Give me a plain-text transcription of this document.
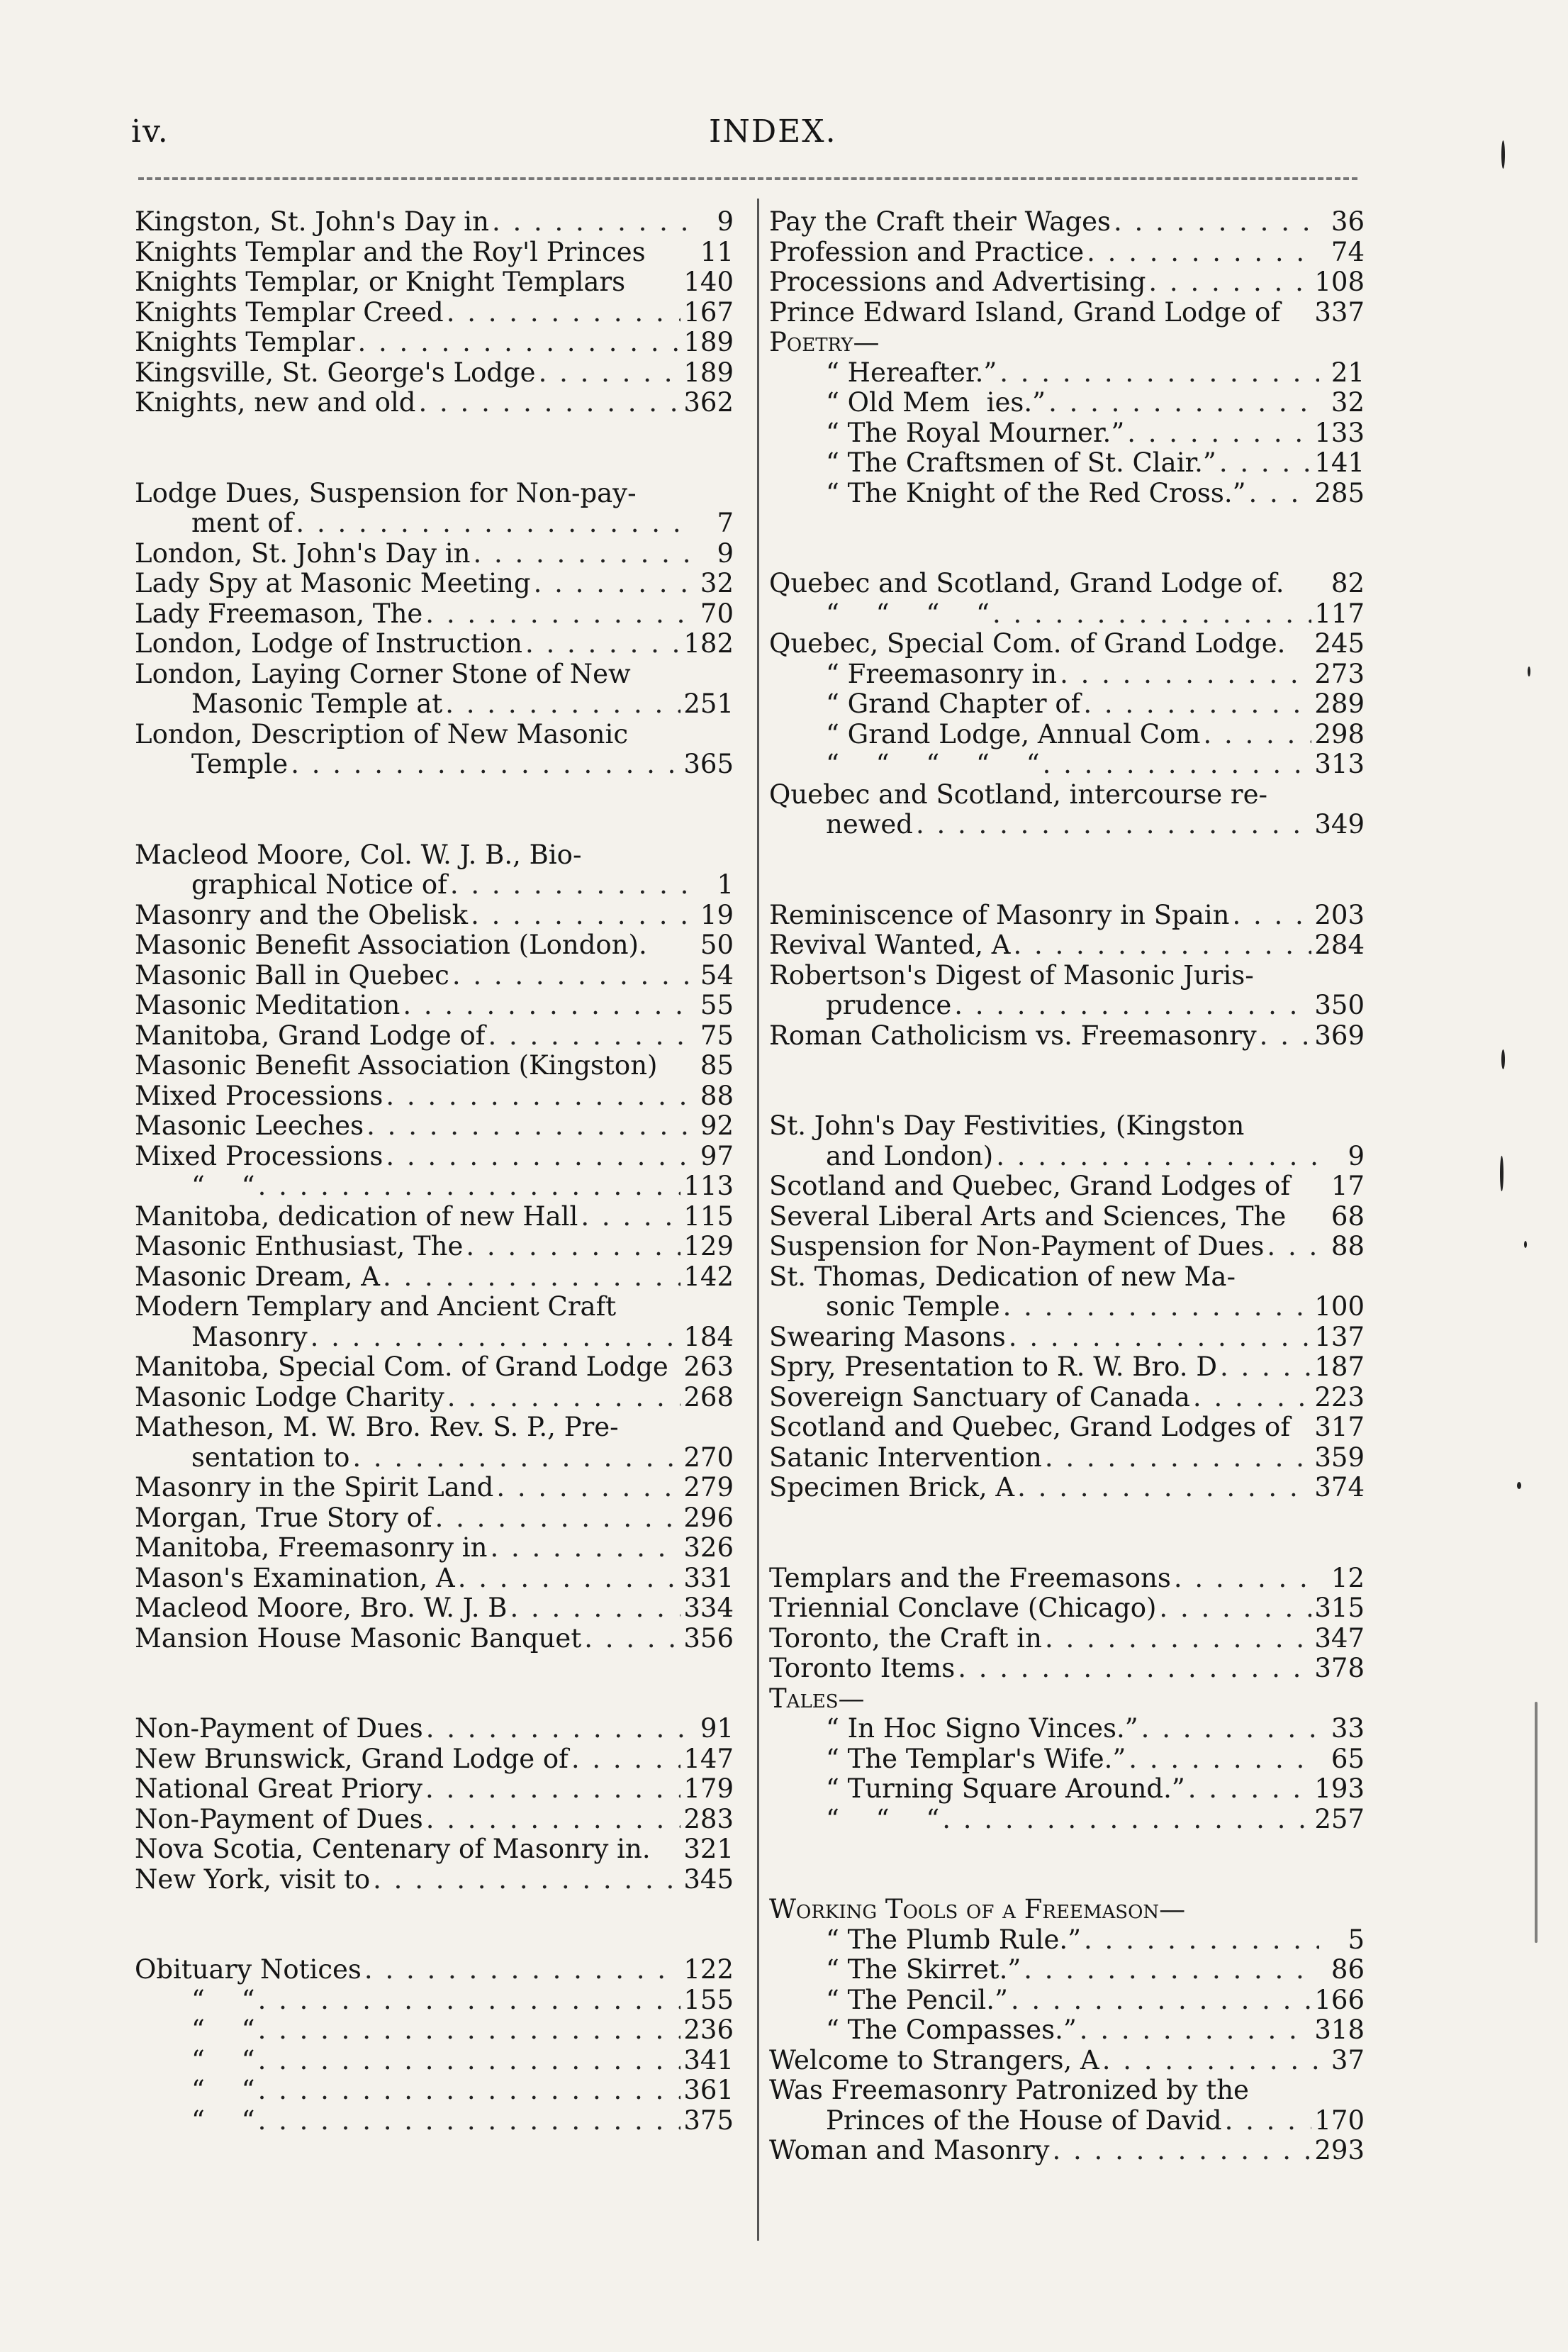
iv.	INDEX.
Kingston, St. John's Day in . . .	9
Knights Templar and the Roy'l Princes	11
Knights Templar, or Knight Templars 140
Knights Templar Creed . . .	167
Knights Templar . . .	189
Kingsville, St. George's Lodge . . .	189
Knights, new and old . . .	362
Lodge Dues, Suspension for Non-pay-
ment of . . .	7
London, St. John's Day in . . .	9
Lady Spy at Masonic Meeting . . .	32
Lady Freemason, The . . .	70
London, Lodge of Instruction . . .	182
London, Laying Corner Stone of New
Masonic Temple at . . .	251
London, Description of New Masonic
Temple . . .	365
Macleod Moore, Col. W. J. B., Bio-
graphical Notice of . . .	1
Masonry and the Obelisk . . .	19
Masonic Benefit Association (London).	50
Masonic Ball in Quebec . . .	54
Masonic Meditation . . .	55
Manitoba, Grand Lodge of . . .	75
Masonic Benefit Association (Kingston)	85
Mixed Processions . . .	88
Masonic Leeches . . .	92
Mixed Processions . . .	97
“ “ . . .	113
Manitoba, dedication of new Hall . . .	115
Masonic Enthusiast, The . . .	129
Masonic Dream, A . . .	142
Modern Templary and Ancient Craft
Masonry . . .	184
Manitoba, Special Com. of Grand Lodge 263
Masonic Lodge Charity . . .	268
Matheson, M. W. Bro. Rev. S. P., Pre-
sentation to . . .	270
Masonry in the Spirit Land . . .	279
Morgan, True Story of . . .	296
Manitoba, Freemasonry in . . .	326
Mason's Examination, A . . .	331
Macleod Moore, Bro. W. J. B . . .	334
Mansion House Masonic Banquet . . .	356
Non-Payment of Dues . . .	91
New Brunswick, Grand Lodge of . . .	147
National Great Priory . . .	179
Non-Payment of Dues . . .	283
Nova Scotia, Centenary of Masonry in. 321
New York, visit to . . .	345
Obituary Notices . . .	122
“ “ . . .	155
“ “ . . .	236
“ “ . . .	341
“ “ . . .	361
“ “ . . .	375
Pay the Craft their Wages . . .	36
Profession and Practice . . .	74
Processions and Advertising . . .	108
Prince Edward Island, Grand Lodge of 337
Poetry—
“ Hereafter.” . . .	21
“ Old Mem  ies.” . . .	32
“ The Royal Mourner.” . . .	133
“ The Craftsmen of St. Clair.” . . .	141
“ The Knight of the Red Cross.” . . .	285
Quebec and Scotland, Grand Lodge of.	82
“ “ “ “ . . .	117
Quebec, Special Com. of Grand Lodge. 245
“ Freemasonry in . . .	273
“ Grand Chapter of . . .	289
“ Grand Lodge, Annual Com . . .	298
“ “ “ “ “ . . .	313
Quebec and Scotland, intercourse re-
newed . . .	349
Reminiscence of Masonry in Spain . . .	203
Revival Wanted, A . . .	284
Robertson's Digest of Masonic Juris-
prudence . . .	350
Roman Catholicism vs. Freemasonry . . . 369
St. John's Day Festivities, (Kingston
and London) . . .	9
Scotland and Quebec, Grand Lodges of	17
Several Liberal Arts and Sciences, The	68
Suspension for Non-Payment of Dues . . .	88
St. Thomas, Dedication of new Ma-
sonic Temple . . .	100
Swearing Masons . . .	137
Spry, Presentation to R. W. Bro. D . . .	187
Sovereign Sanctuary of Canada . . .	223
Scotland and Quebec, Grand Lodges of 317
Satanic Intervention . . .	359
Specimen Brick, A . . .	374
Templars and the Freemasons . . .	12
Triennial Conclave (Chicago) . . .	315
Toronto, the Craft in . . .	347
Toronto Items . . .	378
Tales—
“ In Hoc Signo Vinces.” . . .	33
“ The Templar's Wife.” . . .	65
“ Turning Square Around.” . . .	193
“ “ “ . . .	257
Working Tools of a Freemason—
“ The Plumb Rule.” . . .	5
“ The Skirret.” . . .	86
“ The Pencil.” . . .	166
“ The Compasses.” . . .	318
Welcome to Strangers, A . . .	37
Was Freemasonry Patronized by the
Princes of the House of David . . .	170
Woman and Masonry . . .	293
